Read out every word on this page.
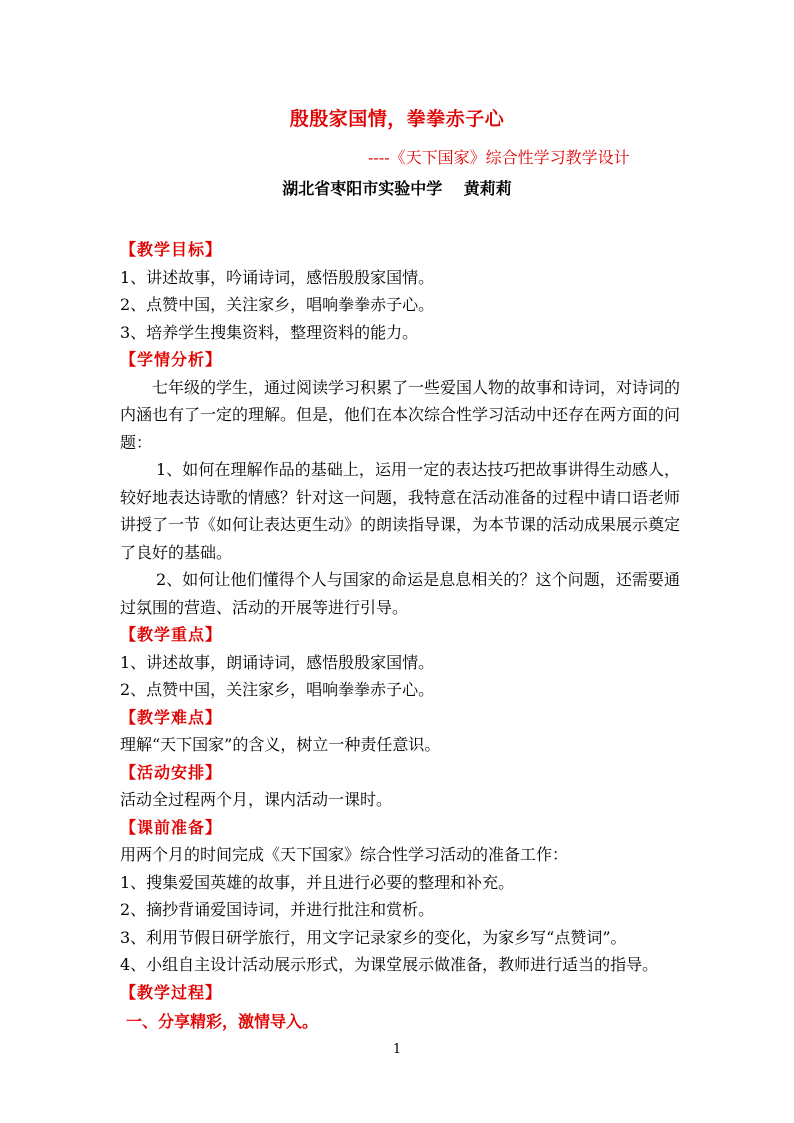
殷殷家国情，拳拳赤子心
----《天下国家》综合性学习教学设计
湖北省枣阳市实验中学 黄莉莉

【教学目标】

1、讲述故事，吟诵诗词，感悟殷殷家国情。

2、点赞中国，关注家乡，唱响拳拳赤子心。

3、培养学生搜集资料，整理资料的能力。

【学情分析】

七年级的学生，通过阅读学习积累了一些爱国人物的故事和诗词，对诗词的内涵也有了一定的理解。但是，他们在本次综合性学习活动中还存在两方面的问题：

1、如何在理解作品的基础上，运用一定的表达技巧把故事讲得生动感人，较好地表达诗歌的情感？针对这一问题，我特意在活动准备的过程中请口语老师讲授了一节《如何让表达更生动》的朗读指导课，为本节课的活动成果展示奠定了良好的基础。

2、如何让他们懂得个人与国家的命运是息息相关的？这个问题，还需要通过氛围的营造、活动的开展等进行引导。

【教学重点】

1、讲述故事，朗诵诗词，感悟殷殷家国情。

2、点赞中国，关注家乡，唱响拳拳赤子心。

【教学难点】

理解“天下国家”的含义，树立一种责任意识。

【活动安排】

活动全过程两个月，课内活动一课时。

【课前准备】

用两个月的时间完成《天下国家》综合性学习活动的准备工作：

1、搜集爱国英雄的故事，并且进行必要的整理和补充。

2、摘抄背诵爱国诗词，并进行批注和赏析。

3、利用节假日研学旅行，用文字记录家乡的变化，为家乡写“点赞词”。

4、小组自主设计活动展示形式，为课堂展示做准备，教师进行适当的指导。

【教学过程】

一、分享精彩，激情导入。

1
